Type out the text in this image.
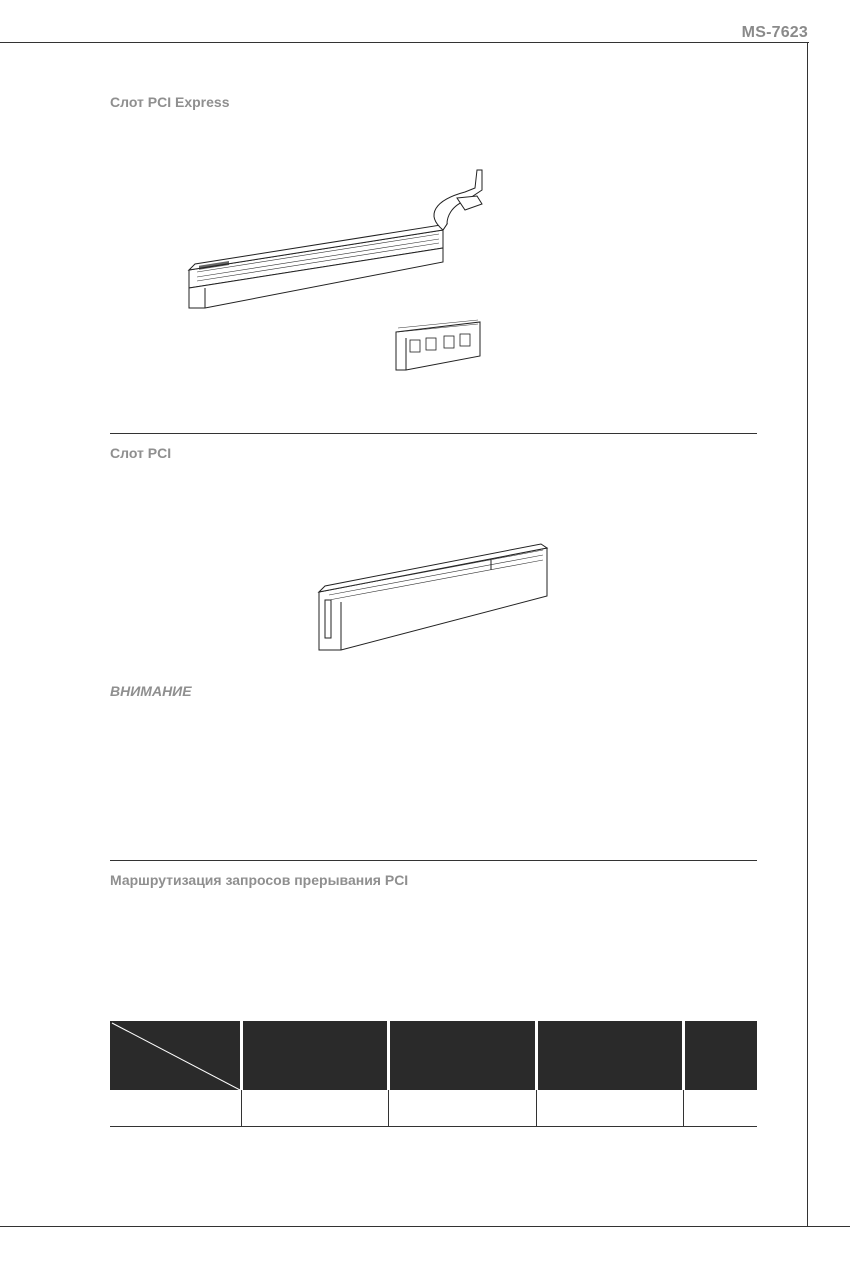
MS-7623
Слот PCI Express
Слот PCI
ВНИМАНИЕ
Маршрутизация запросов прерывания PCI
